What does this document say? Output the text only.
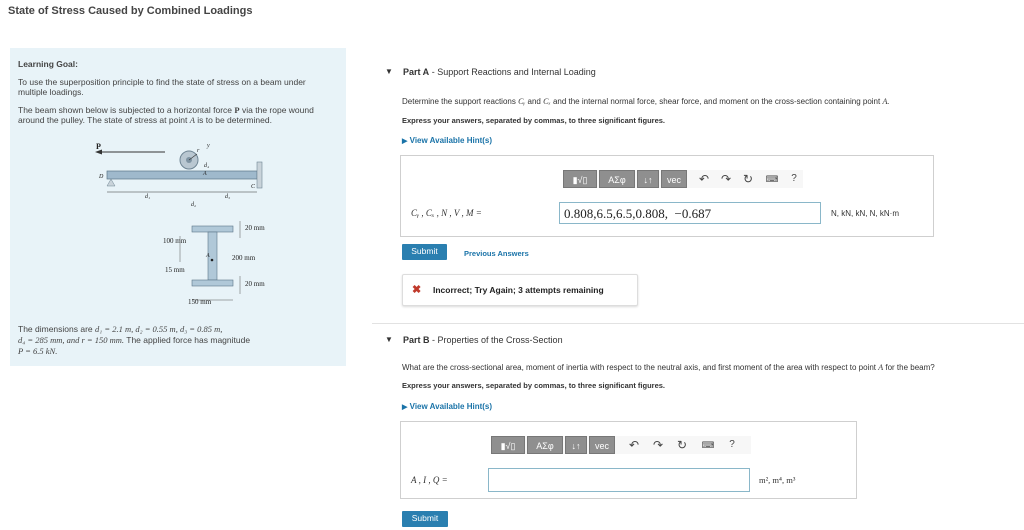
State of Stress Caused by Combined Loadings
Learning Goal:
To use the superposition principle to find the state of stress on a beam under
multiple loadings.
The beam shown below is subjected to a horizontal force P via the rope wound
around the pulley. The state of stress at point A is to be determined.
P	r
y
d₄
D	A
C
d₁
d₂
d₃
A
20 mm
100 mm
200 mm
15 mm
20 mm
150 mm
The dimensions are d₁ = 2.1 m, d₂ = 0.55 m, d₃ = 0.85 m,
d₄ = 285 mm, and r = 150 mm. The applied force has magnitude
P = 6.5 kN.
▼ Part A - Support Reactions and Internal Loading
Determine the support reactions Cᵧ and Cₓ and the internal normal force, shear force, and moment on the cross-section containing point A.
Express your answers, separated by commas, to three significant figures.
▶ View Available Hint(s)
▮√▯	ΑΣφ	↓↑	vec	↶ ↷ ↻ ⌨	?
Cᵧ , Cₓ , N , V , M =	0.808,6.5,6.5,0.808,  −0.687	N, kN, kN, N, kN·m
Submit	Previous Answers
✖ Incorrect; Try Again; 3 attempts remaining
▼ Part B - Properties of the Cross-Section
What are the cross-sectional area, moment of inertia with respect to the neutral axis, and first moment of the area with respect to point A for the beam?
Express your answers, separated by commas, to three significant figures.
▶ View Available Hint(s)
▮√▯	ΑΣφ	↓↑	vec	↶ ↷ ↻ ⌨	?
A , I , Q =	m², m⁴, m³
Submit
